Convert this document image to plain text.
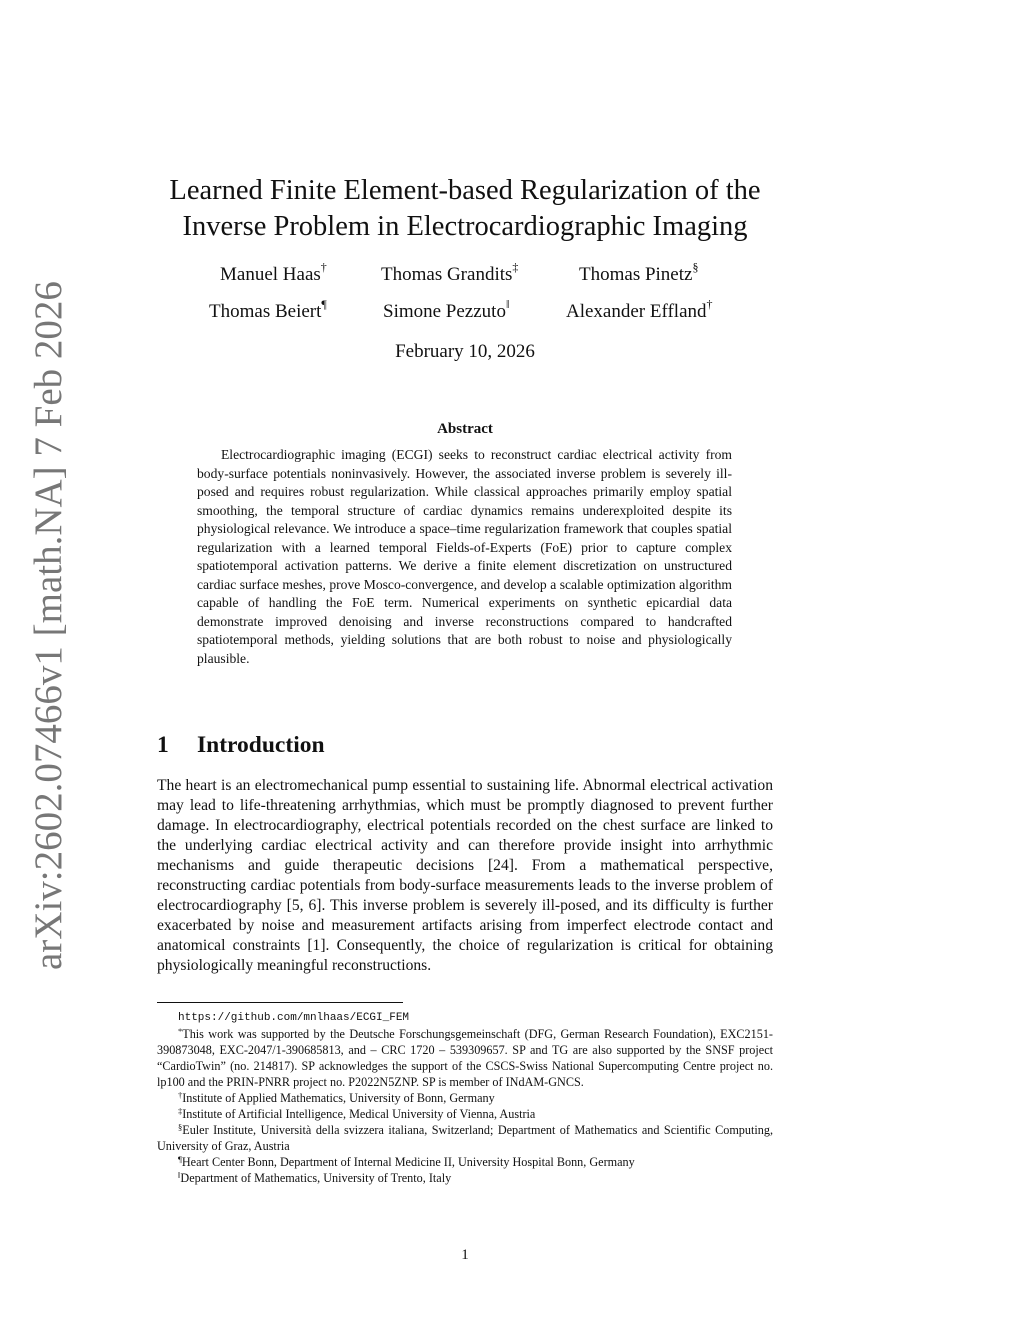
arXiv:2602.07466v1 [math.NA] 7 Feb 2026
Learned Finite Element-based Regularization of the
Inverse Problem in Electrocardiographic Imaging
Manuel Haas†	Thomas Grandits‡	Thomas Pinetz§
Thomas Beiert¶	Simone Pezzuto‖	Alexander Effland†
February 10, 2026
Abstract

Electrocardiographic imaging (ECGI) seeks to reconstruct cardiac electrical activity from body-surface potentials noninvasively. However, the associated inverse problem is severely ill-posed and requires robust regularization. While classical approaches primarily employ spatial smoothing, the temporal structure of cardiac dynamics remains underexploited despite its physiological relevance. We introduce a space–time regularization framework that couples spatial regularization with a learned temporal Fields-of-Experts (FoE) prior to capture complex spatiotemporal activation patterns. We derive a finite element discretization on unstructured cardiac surface meshes, prove Mosco-convergence, and develop a scalable optimization algorithm capable of handling the FoE term. Numerical experiments on synthetic epicardial data demonstrate improved denoising and inverse reconstructions compared to handcrafted spatiotemporal methods, yielding solutions that are both robust to noise and physiologically plausible.

1 Introduction

The heart is an electromechanical pump essential to sustaining life. Abnormal electrical activation may lead to life-threatening arrhythmias, which must be promptly diagnosed to prevent further damage. In electrocardiography, electrical potentials recorded on the chest surface are linked to the underlying cardiac electrical activity and can therefore provide insight into arrhythmic mechanisms and guide therapeutic decisions [24]. From a mathematical perspective, reconstructing cardiac potentials from body-surface measurements leads to the inverse problem of electrocardiography [5, 6]. This inverse problem is severely ill-posed, and its difficulty is further exacerbated by noise and measurement artifacts arising from imperfect electrode contact and anatomical constraints [1]. Consequently, the choice of regularization is critical for obtaining physiologically meaningful reconstructions.

https://github.com/mnlhaas/ECGI_FEM

*This work was supported by the Deutsche Forschungsgemeinschaft (DFG, German Research Foundation), EXC2151-390873048, EXC-2047/1-390685813, and – CRC 1720 – 539309657. SP and TG are also supported by the SNSF project “CardioTwin” (no. 214817). SP acknowledges the support of the CSCS-Swiss National Supercomputing Centre project no. lp100 and the PRIN-PNRR project no. P2022N5ZNP. SP is member of INdAM-GNCS.

†Institute of Applied Mathematics, University of Bonn, Germany

‡Institute of Artificial Intelligence, Medical University of Vienna, Austria

§Euler Institute, Università della svizzera italiana, Switzerland; Department of Mathematics and Scientific Computing, University of Graz, Austria

¶Heart Center Bonn, Department of Internal Medicine II, University Hospital Bonn, Germany

‖Department of Mathematics, University of Trento, Italy

1
